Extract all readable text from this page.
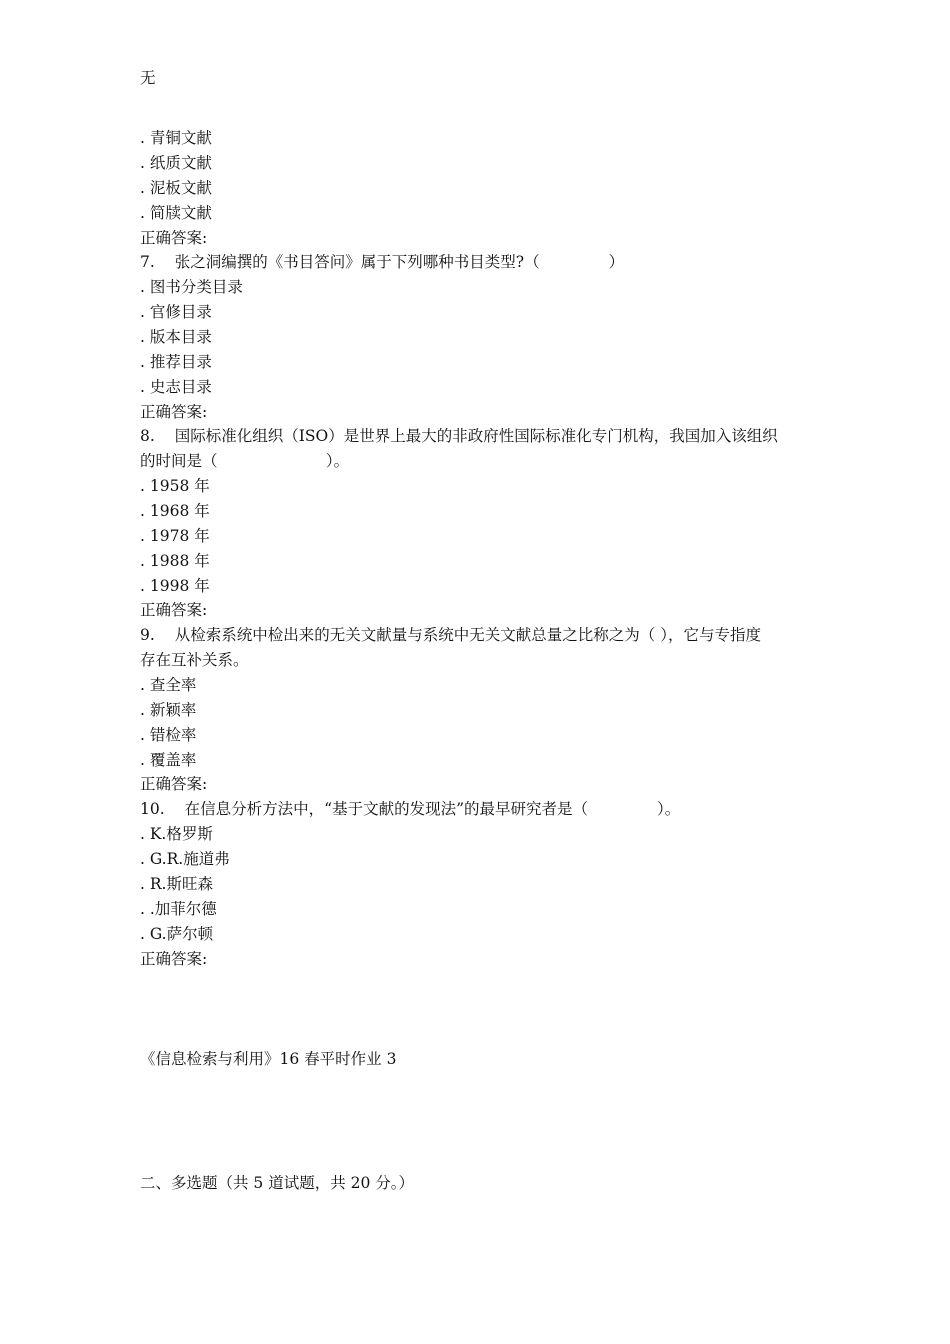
无
. 青铜文献
. 纸质文献
. 泥板文献
. 简牍文献
正确答案:
7. 张之洞编撰的《书目答问》属于下列哪种书目类型?（              ）
. 图书分类目录
. 官修目录
. 版本目录
. 推荐目录
. 史志目录
正确答案:
8. 国际标准化组织（ISO）是世界上最大的非政府性国际标准化专门机构，我国加入该组织
的时间是（                      ）。
. 1958 年
. 1968 年
. 1978 年
. 1988 年
. 1998 年
正确答案:
9. 从检索系统中检出来的无关文献量与系统中无关文献总量之比称之为（ ），它与专指度
存在互补关系。
. 查全率
. 新颖率
. 错检率
. 覆盖率
正确答案:
10. 在信息分析方法中，“基于文献的发现法”的最早研究者是（              ）。
. K.格罗斯
. G.R.施道弗
. R.斯旺森
. .加菲尔德
. G.萨尔顿
正确答案:
《信息检索与利用》16 春平时作业 3
二、多选题（共 5 道试题，共 20 分。）
